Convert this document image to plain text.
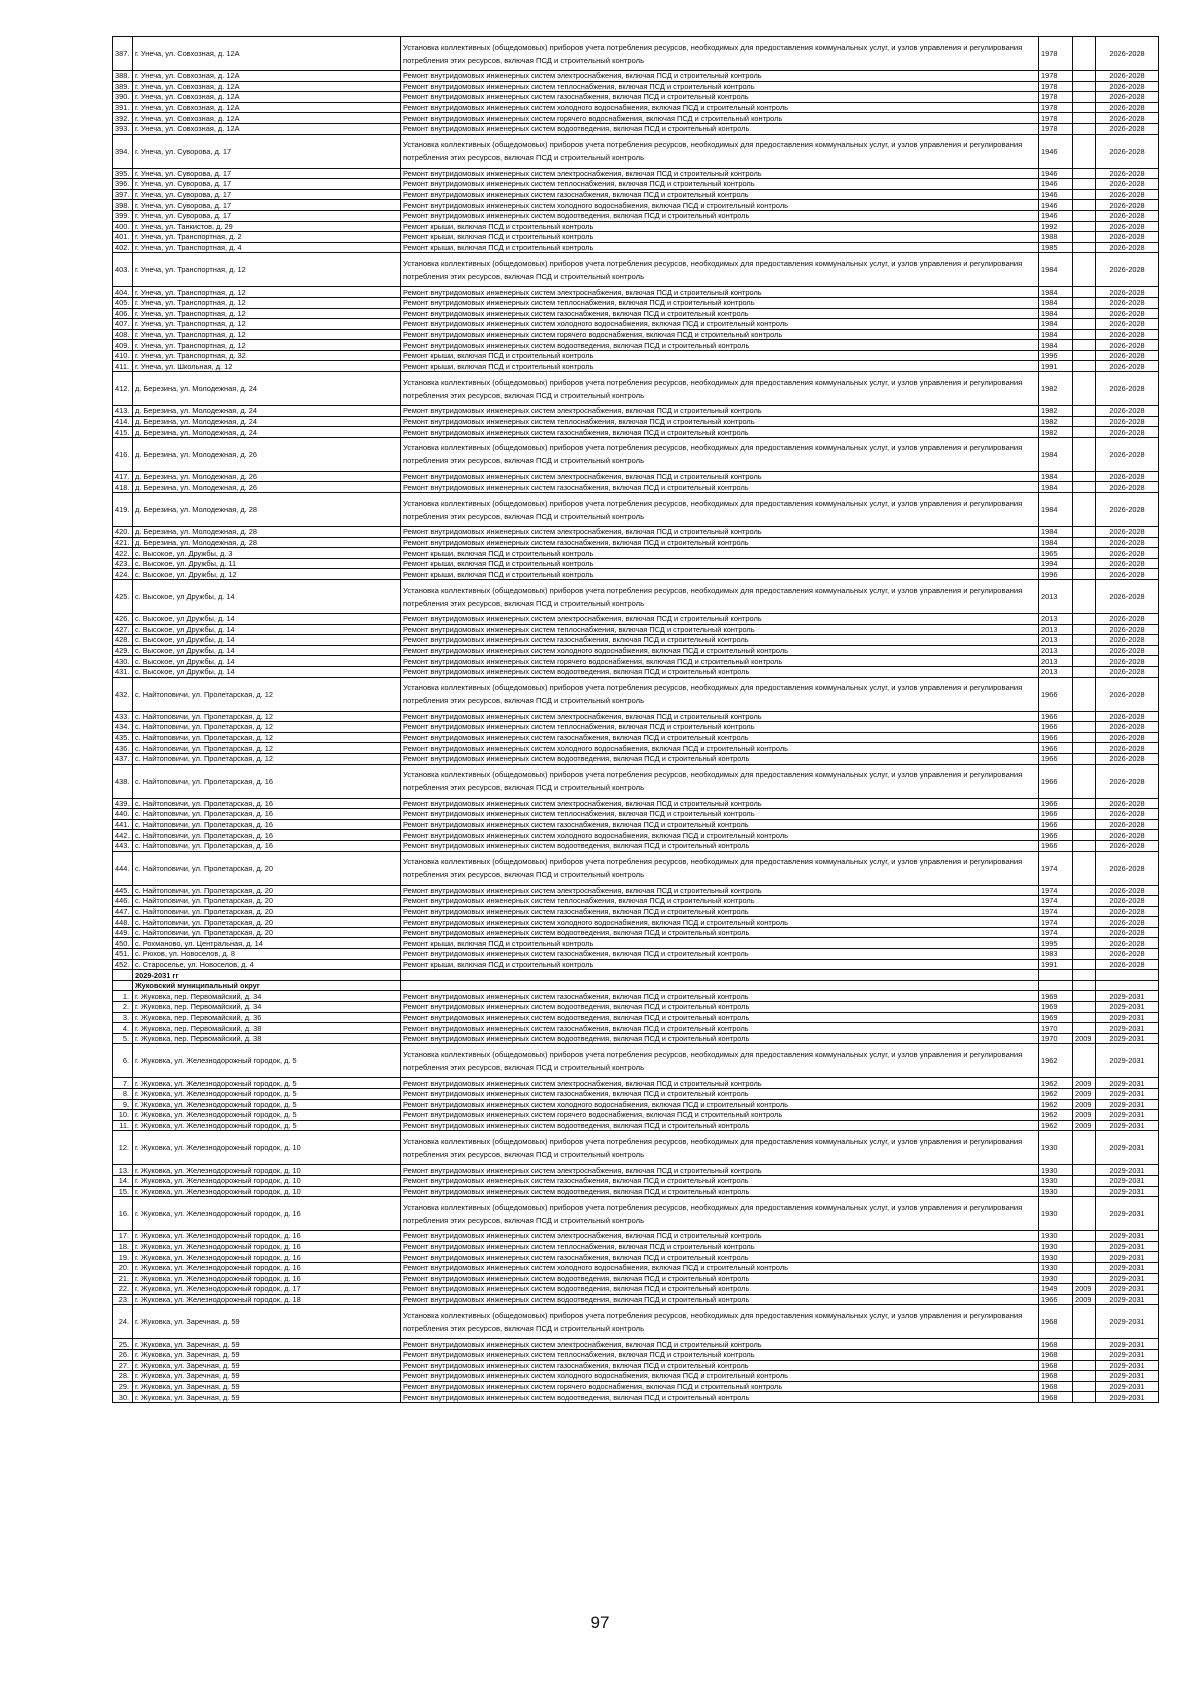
387.	г. Унеча, ул. Совхозная, д. 12А	Установка коллективных (общедомовых) приборов учета потребления ресурсов, необходимых для предоставления коммунальных услуг, и узлов управления и регулирования потребления этих ресурсов, включая ПСД и строительный контроль	1978		2026-2028
388.	г. Унеча, ул. Совхозная, д. 12А	Ремонт внутридомовых инженерных систем электроснабжения, включая ПСД и строительный контроль	1978		2026-2028
389.	г. Унеча, ул. Совхозная, д. 12А	Ремонт внутридомовых инженерных систем теплоснабжения, включая ПСД и строительный контроль	1978		2026-2028
390.	г. Унеча, ул. Совхозная, д. 12А	Ремонт внутридомовых инженерных систем газоснабжения, включая ПСД и строительный контроль	1978		2026-2028
391.	г. Унеча, ул. Совхозная, д. 12А	Ремонт внутридомовых инженерных систем холодного водоснабжения, включая ПСД и строительный контроль	1978		2026-2028
392.	г. Унеча, ул. Совхозная, д. 12А	Ремонт внутридомовых инженерных систем горячего водоснабжения, включая ПСД и строительный контроль	1978		2026-2028
393.	г. Унеча, ул. Совхозная, д. 12А	Ремонт внутридомовых инженерных систем водоотведения, включая ПСД и строительный контроль	1978		2026-2028
394.	г. Унеча, ул. Суворова, д. 17	Установка коллективных (общедомовых) приборов учета потребления ресурсов, необходимых для предоставления коммунальных услуг, и узлов управления и регулирования потребления этих ресурсов, включая ПСД и строительный контроль	1946		2026-2028
395.	г. Унеча, ул. Суворова, д. 17	Ремонт внутридомовых инженерных систем электроснабжения, включая ПСД и строительный контроль	1946		2026-2028
396.	г. Унеча, ул. Суворова, д. 17	Ремонт внутридомовых инженерных систем теплоснабжения, включая ПСД и строительный контроль	1946		2026-2028
397.	г. Унеча, ул. Суворова, д. 17	Ремонт внутридомовых инженерных систем газоснабжения, включая ПСД и строительный контроль	1946		2026-2028
398.	г. Унеча, ул. Суворова, д. 17	Ремонт внутридомовых инженерных систем холодного водоснабжения, включая ПСД и строительный контроль	1946		2026-2028
399.	г. Унеча, ул. Суворова, д. 17	Ремонт внутридомовых инженерных систем водоотведения, включая ПСД и строительный контроль	1946		2026-2028
400.	г. Унеча, ул. Танкистов, д. 29	Ремонт крыши, включая ПСД и строительный контроль	1992		2026-2028
401.	г. Унеча, ул. Транспортная, д. 2	Ремонт крыши, включая ПСД и строительный контроль	1988		2026-2028
402.	г. Унеча, ул. Транспортная, д. 4	Ремонт крыши, включая ПСД и строительный контроль	1985		2026-2028
403.	г. Унеча, ул. Транспортная, д. 12	Установка коллективных (общедомовых) приборов учета потребления ресурсов, необходимых для предоставления коммунальных услуг, и узлов управления и регулирования потребления этих ресурсов, включая ПСД и строительный контроль	1984		2026-2028
404.	г. Унеча, ул. Транспортная, д. 12	Ремонт внутридомовых инженерных систем электроснабжения, включая ПСД и строительный контроль	1984		2026-2028
405.	г. Унеча, ул. Транспортная, д. 12	Ремонт внутридомовых инженерных систем теплоснабжения, включая ПСД и строительный контроль	1984		2026-2028
406.	г. Унеча, ул. Транспортная, д. 12	Ремонт внутридомовых инженерных систем газоснабжения, включая ПСД и строительный контроль	1984		2026-2028
407.	г. Унеча, ул. Транспортная, д. 12	Ремонт внутридомовых инженерных систем холодного водоснабжения, включая ПСД и строительный контроль	1984		2026-2028
408.	г. Унеча, ул. Транспортная, д. 12	Ремонт внутридомовых инженерных систем горячего водоснабжения, включая ПСД и строительный контроль	1984		2026-2028
409.	г. Унеча, ул. Транспортная, д. 12	Ремонт внутридомовых инженерных систем водоотведения, включая ПСД и строительный контроль	1984		2026-2028
410.	г. Унеча, ул. Транспортная, д. 32	Ремонт крыши, включая ПСД и строительный контроль	1996		2026-2028
411.	г. Унеча, ул. Школьная, д. 12	Ремонт крыши, включая ПСД и строительный контроль	1991		2026-2028
412.	д. Березина, ул. Молодежная, д. 24	Установка коллективных (общедомовых) приборов учета потребления ресурсов, необходимых для предоставления коммунальных услуг, и узлов управления и регулирования потребления этих ресурсов, включая ПСД и строительный контроль	1982		2026-2028
413.	д. Березина, ул. Молодежная, д. 24	Ремонт внутридомовых инженерных систем электроснабжения, включая ПСД и строительный контроль	1982		2026-2028
414.	д. Березина, ул. Молодежная, д. 24	Ремонт внутридомовых инженерных систем теплоснабжения, включая ПСД и строительный контроль	1982		2026-2028
415.	д. Березина, ул. Молодежная, д. 24	Ремонт внутридомовых инженерных систем газоснабжения, включая ПСД и строительный контроль	1982		2026-2028
416.	д. Березина, ул. Молодежная, д. 26	Установка коллективных (общедомовых) приборов учета потребления ресурсов, необходимых для предоставления коммунальных услуг, и узлов управления и регулирования потребления этих ресурсов, включая ПСД и строительный контроль	1984		2026-2028
417.	д. Березина, ул. Молодежная, д. 26	Ремонт внутридомовых инженерных систем электроснабжения, включая ПСД и строительный контроль	1984		2026-2028
418.	д. Березина, ул. Молодежная, д. 26	Ремонт внутридомовых инженерных систем газоснабжения, включая ПСД и строительный контроль	1984		2026-2028
419.	д. Березина, ул. Молодежная, д. 28	Установка коллективных (общедомовых) приборов учета потребления ресурсов, необходимых для предоставления коммунальных услуг, и узлов управления и регулирования потребления этих ресурсов, включая ПСД и строительный контроль	1984		2026-2028
420.	д. Березина, ул. Молодежная, д. 28	Ремонт внутридомовых инженерных систем электроснабжения, включая ПСД и строительный контроль	1984		2026-2028
421.	д. Березина, ул. Молодежная, д. 28	Ремонт внутридомовых инженерных систем газоснабжения, включая ПСД и строительный контроль	1984		2026-2028
422.	с. Высокое, ул. Дружбы, д. 3	Ремонт крыши, включая ПСД и строительный контроль	1965		2026-2028
423.	с. Высокое, ул. Дружбы, д. 11	Ремонт крыши, включая ПСД и строительный контроль	1994		2026-2028
424.	с. Высокое, ул. Дружбы, д. 12	Ремонт крыши, включая ПСД и строительный контроль	1996		2026-2028
425.	с. Высокое, ул Дружбы, д. 14	Установка коллективных (общедомовых) приборов учета потребления ресурсов, необходимых для предоставления коммунальных услуг, и узлов управления и регулирования потребления этих ресурсов, включая ПСД и строительный контроль	2013		2026-2028
426.	с. Высокое, ул Дружбы, д. 14	Ремонт внутридомовых инженерных систем электроснабжения, включая ПСД и строительный контроль	2013		2026-2028
427.	с. Высокое, ул Дружбы, д. 14	Ремонт внутридомовых инженерных систем теплоснабжения, включая ПСД и строительный контроль	2013		2026-2028
428.	с. Высокое, ул Дружбы, д. 14	Ремонт внутридомовых инженерных систем газоснабжения, включая ПСД и строительный контроль	2013		2026-2028
429.	с. Высокое, ул Дружбы, д. 14	Ремонт внутридомовых инженерных систем холодного водоснабжения, включая ПСД и строительный контроль	2013		2026-2028
430.	с. Высокое, ул Дружбы, д. 14	Ремонт внутридомовых инженерных систем горячего водоснабжения, включая ПСД и строительный контроль	2013		2026-2028
431.	с. Высокое, ул Дружбы, д. 14	Ремонт внутридомовых инженерных систем водоотведения, включая ПСД и строительный контроль	2013		2026-2028
432.	с. Найтоповичи, ул. Пролетарская, д. 12	Установка коллективных (общедомовых) приборов учета потребления ресурсов, необходимых для предоставления коммунальных услуг, и узлов управления и регулирования потребления этих ресурсов, включая ПСД и строительный контроль	1966		2026-2028
433.	с. Найтоповичи, ул. Пролетарская, д. 12	Ремонт внутридомовых инженерных систем электроснабжения, включая ПСД и строительный контроль	1966		2026-2028
434.	с. Найтоповичи, ул. Пролетарская, д. 12	Ремонт внутридомовых инженерных систем теплоснабжения, включая ПСД и строительный контроль	1966		2026-2028
435.	с. Найтоповичи, ул. Пролетарская, д. 12	Ремонт внутридомовых инженерных систем газоснабжения, включая ПСД и строительный контроль	1966		2026-2028
436.	с. Найтоповичи, ул. Пролетарская, д. 12	Ремонт внутридомовых инженерных систем холодного водоснабжения, включая ПСД и строительный контроль	1966		2026-2028
437.	с. Найтоповичи, ул. Пролетарская, д. 12	Ремонт внутридомовых инженерных систем водоотведения, включая ПСД и строительный контроль	1966		2026-2028
438.	с. Найтоповичи, ул. Пролетарская, д. 16	Установка коллективных (общедомовых) приборов учета потребления ресурсов, необходимых для предоставления коммунальных услуг, и узлов управления и регулирования потребления этих ресурсов, включая ПСД и строительный контроль	1966		2026-2028
439.	с. Найтоповичи, ул. Пролетарская, д. 16	Ремонт внутридомовых инженерных систем электроснабжения, включая ПСД и строительный контроль	1966		2026-2028
440.	с. Найтоповичи, ул. Пролетарская, д. 16	Ремонт внутридомовых инженерных систем теплоснабжения, включая ПСД и строительный контроль	1966		2026-2028
441.	с. Найтоповичи, ул. Пролетарская, д. 16	Ремонт внутридомовых инженерных систем газоснабжения, включая ПСД и строительный контроль	1966		2026-2028
442.	с. Найтоповичи, ул. Пролетарская, д. 16	Ремонт внутридомовых инженерных систем холодного водоснабжения, включая ПСД и строительный контроль	1966		2026-2028
443.	с. Найтоповичи, ул. Пролетарская, д. 16	Ремонт внутридомовых инженерных систем водоотведения, включая ПСД и строительный контроль	1966		2026-2028
444.	с. Найтоповичи, ул. Пролетарская, д. 20	Установка коллективных (общедомовых) приборов учета потребления ресурсов, необходимых для предоставления коммунальных услуг, и узлов управления и регулирования потребления этих ресурсов, включая ПСД и строительный контроль	1974		2026-2028
445.	с. Найтоповичи, ул. Пролетарская, д. 20	Ремонт внутридомовых инженерных систем электроснабжения, включая ПСД и строительный контроль	1974		2026-2028
446.	с. Найтоповичи, ул. Пролетарская, д. 20	Ремонт внутридомовых инженерных систем теплоснабжения, включая ПСД и строительный контроль	1974		2026-2028
447.	с. Найтоповичи, ул. Пролетарская, д. 20	Ремонт внутридомовых инженерных систем газоснабжения, включая ПСД и строительный контроль	1974		2026-2028
448.	с. Найтоповичи, ул. Пролетарская, д. 20	Ремонт внутридомовых инженерных систем холодного водоснабжения, включая ПСД и строительный контроль	1974		2026-2028
449.	с. Найтоповичи, ул. Пролетарская, д. 20	Ремонт внутридомовых инженерных систем водоотведения, включая ПСД и строительный контроль	1974		2026-2028
450.	с. Рохманово, ул. Центральная, д. 14	Ремонт крыши, включая ПСД и строительный контроль	1995		2026-2028
451.	с. Рюхов, ул. Новоселов, д. 8	Ремонт внутридомовых инженерных систем газоснабжения, включая ПСД и строительный контроль	1983		2026-2028
452.	с. Старосельe, ул. Новоселов, д. 4	Ремонт крыши, включая ПСД и строительный контроль	1991		2026-2028
	2029-2031 гг				
	Жуковский муниципальный округ				
1.	г. Жуковка, пер. Первомайский, д. 34	Ремонт внутридомовых инженерных систем газоснабжения, включая ПСД и строительный контроль	1969		2029-2031
2.	г. Жуковка, пер. Первомайский, д. 34	Ремонт внутридомовых инженерных систем водоотведения, включая ПСД и строительный контроль	1969		2029-2031
3.	г. Жуковка, пер. Первомайский, д. 36	Ремонт внутридомовых инженерных систем водоотведения, включая ПСД и строительный контроль	1969		2029-2031
4.	г. Жуковка, пер. Первомайский, д. 38	Ремонт внутридомовых инженерных систем газоснабжения, включая ПСД и строительный контроль	1970		2029-2031
5.	г. Жуковка, пер. Первомайский, д. 38	Ремонт внутридомовых инженерных систем водоотведения, включая ПСД и строительный контроль	1970	2009	2029-2031
6.	г. Жуковка, ул. Железнодорожный городок, д. 5	Установка коллективных (общедомовых) приборов учета потребления ресурсов, необходимых для предоставления коммунальных услуг, и узлов управления и регулирования потребления этих ресурсов, включая ПСД и строительный контроль	1962		2029-2031
7.	г. Жуковка, ул. Железнодорожный городок, д. 5	Ремонт внутридомовых инженерных систем электроснабжения, включая ПСД и строительный контроль	1962	2009	2029-2031
8.	г. Жуковка, ул. Железнодорожный городок, д. 5	Ремонт внутридомовых инженерных систем газоснабжения, включая ПСД и строительный контроль	1962	2009	2029-2031
9.	г. Жуковка, ул. Железнодорожный городок, д. 5	Ремонт внутридомовых инженерных систем холодного водоснабжения, включая ПСД и строительный контроль	1962	2009	2029-2031
10.	г. Жуковка, ул. Железнодорожный городок, д. 5	Ремонт внутридомовых инженерных систем горячего водоснабжения, включая ПСД и строительный контроль	1962	2009	2029-2031
11.	г. Жуковка, ул. Железнодорожный городок, д. 5	Ремонт внутридомовых инженерных систем водоотведения, включая ПСД и строительный контроль	1962	2009	2029-2031
12.	г. Жуковка, ул. Железнодорожный городок, д. 10	Установка коллективных (общедомовых) приборов учета потребления ресурсов, необходимых для предоставления коммунальных услуг, и узлов управления и регулирования потребления этих ресурсов, включая ПСД и строительный контроль	1930		2029-2031
13.	г. Жуковка, ул. Железнодорожный городок, д. 10	Ремонт внутридомовых инженерных систем электроснабжения, включая ПСД и строительный контроль	1930		2029-2031
14.	г. Жуковка, ул. Железнодорожный городок, д. 10	Ремонт внутридомовых инженерных систем газоснабжения, включая ПСД и строительный контроль	1930		2029-2031
15.	г. Жуковка, ул. Железнодорожный городок, д. 10	Ремонт внутридомовых инженерных систем водоотведения, включая ПСД и строительный контроль	1930		2029-2031
16.	г. Жуковка, ул. Железнодорожный городок, д. 16	Установка коллективных (общедомовых) приборов учета потребления ресурсов, необходимых для предоставления коммунальных услуг, и узлов управления и регулирования потребления этих ресурсов, включая ПСД и строительный контроль	1930		2029-2031
17.	г. Жуковка, ул. Железнодорожный городок, д. 16	Ремонт внутридомовых инженерных систем электроснабжения, включая ПСД и строительный контроль	1930		2029-2031
18.	г. Жуковка, ул. Железнодорожный городок, д. 16	Ремонт внутридомовых инженерных систем теплоснабжения, включая ПСД и строительный контроль	1930		2029-2031
19.	г. Жуковка, ул. Железнодорожный городок, д. 16	Ремонт внутридомовых инженерных систем газоснабжения, включая ПСД и строительный контроль	1930		2029-2031
20.	г. Жуковка, ул. Железнодорожный городок, д. 16	Ремонт внутридомовых инженерных систем холодного водоснабжения, включая ПСД и строительный контроль	1930		2029-2031
21.	г. Жуковка, ул. Железнодорожный городок, д. 16	Ремонт внутридомовых инженерных систем водоотведения, включая ПСД и строительный контроль	1930		2029-2031
22.	г. Жуковка, ул. Железнодорожный городок, д. 17	Ремонт внутридомовых инженерных систем водоотведения, включая ПСД и строительный контроль	1949	2009	2029-2031
23.	г. Жуковка, ул. Железнодорожный городок, д. 18	Ремонт внутридомовых инженерных систем водоотведения, включая ПСД и строительный контроль	1966	2009	2029-2031
24.	г. Жуковка, ул. Заречная, д. 59	Установка коллективных (общедомовых) приборов учета потребления ресурсов, необходимых для предоставления коммунальных услуг, и узлов управления и регулирования потребления этих ресурсов, включая ПСД и строительный контроль	1968		2029-2031
25.	г. Жуковка, ул. Заречная, д. 59	Ремонт внутридомовых инженерных систем электроснабжения, включая ПСД и строительный контроль	1968		2029-2031
26.	г. Жуковка, ул. Заречная, д. 59	Ремонт внутридомовых инженерных систем теплоснабжения, включая ПСД и строительный контроль	1968		2029-2031
27.	г. Жуковка, ул. Заречная, д. 59	Ремонт внутридомовых инженерных систем газоснабжения, включая ПСД и строительный контроль	1968		2029-2031
28.	г. Жуковка, ул. Заречная, д. 59	Ремонт внутридомовых инженерных систем холодного водоснабжения, включая ПСД и строительный контроль	1968		2029-2031
29.	г. Жуковка, ул. Заречная, д. 59	Ремонт внутридомовых инженерных систем горячего водоснабжения, включая ПСД и строительный контроль	1968		2029-2031
30.	г. Жуковка, ул. Заречная, д. 59	Ремонт внутридомовых инженерных систем водоотведения, включая ПСД и строительный контроль	1968		2029-2031
97
